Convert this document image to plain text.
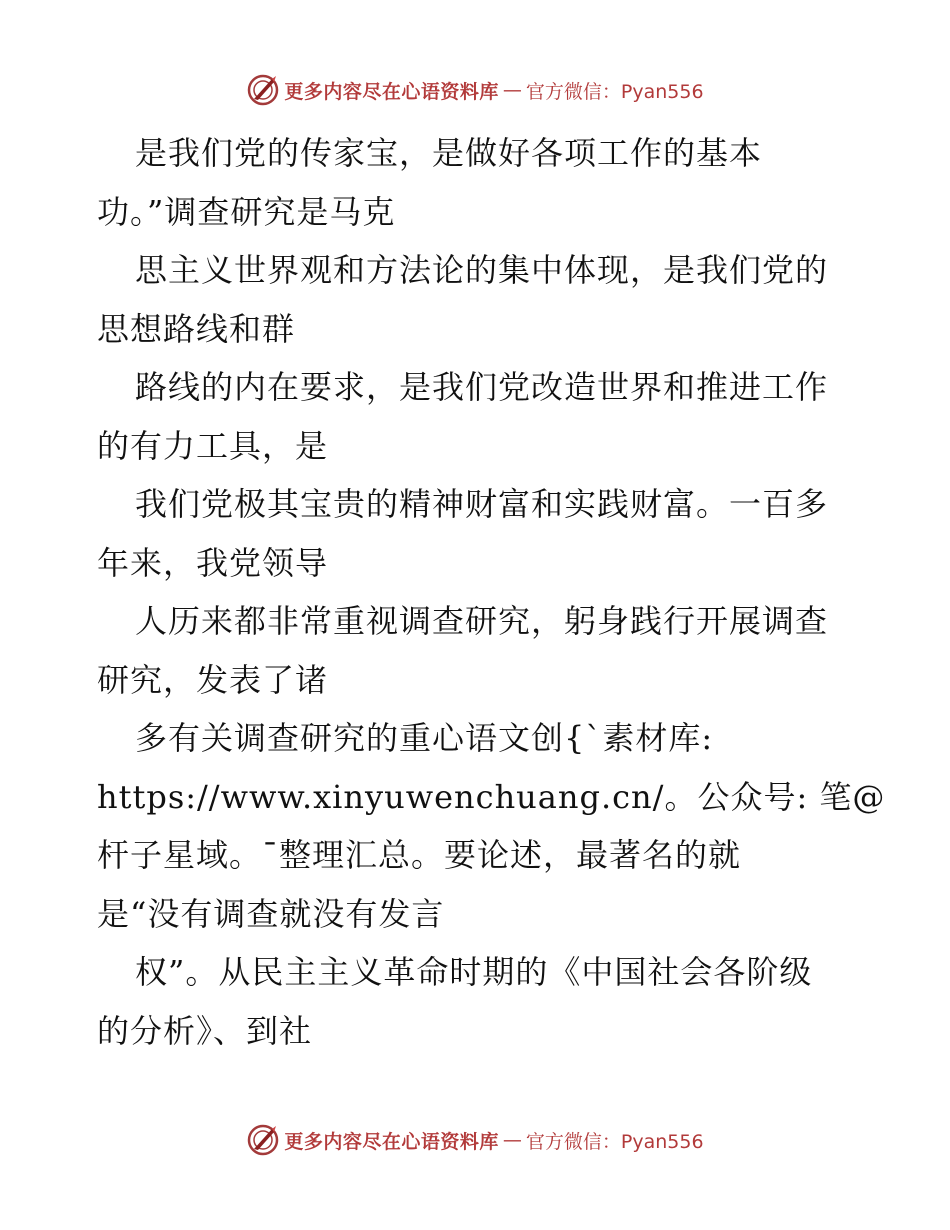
更多内容尽在心语资料库 — 官方微信：Pyan556
是我们党的传家宝，是做好各项工作的基本
功。”调查研究是马克
思主义世界观和方法论的集中体现，是我们党的
思想路线和群
路线的内在要求，是我们党改造世界和推进工作
的有力工具，是
我们党极其宝贵的精神财富和实践财富。一百多
年来，我党领导
人历来都非常重视调查研究，躬身践行开展调查
研究，发表了诸
多有关调查研究的重心语文创{`素材库:
https://www.xinyuwenchuang.cn/。公众号: 笔@
杆子星域。¯整理汇总。要论述，最著名的就
是“没有调查就没有发言
权”。从民主主义革命时期的《中国社会各阶级
的分析》、到社
更多内容尽在心语资料库 — 官方微信：Pyan556
